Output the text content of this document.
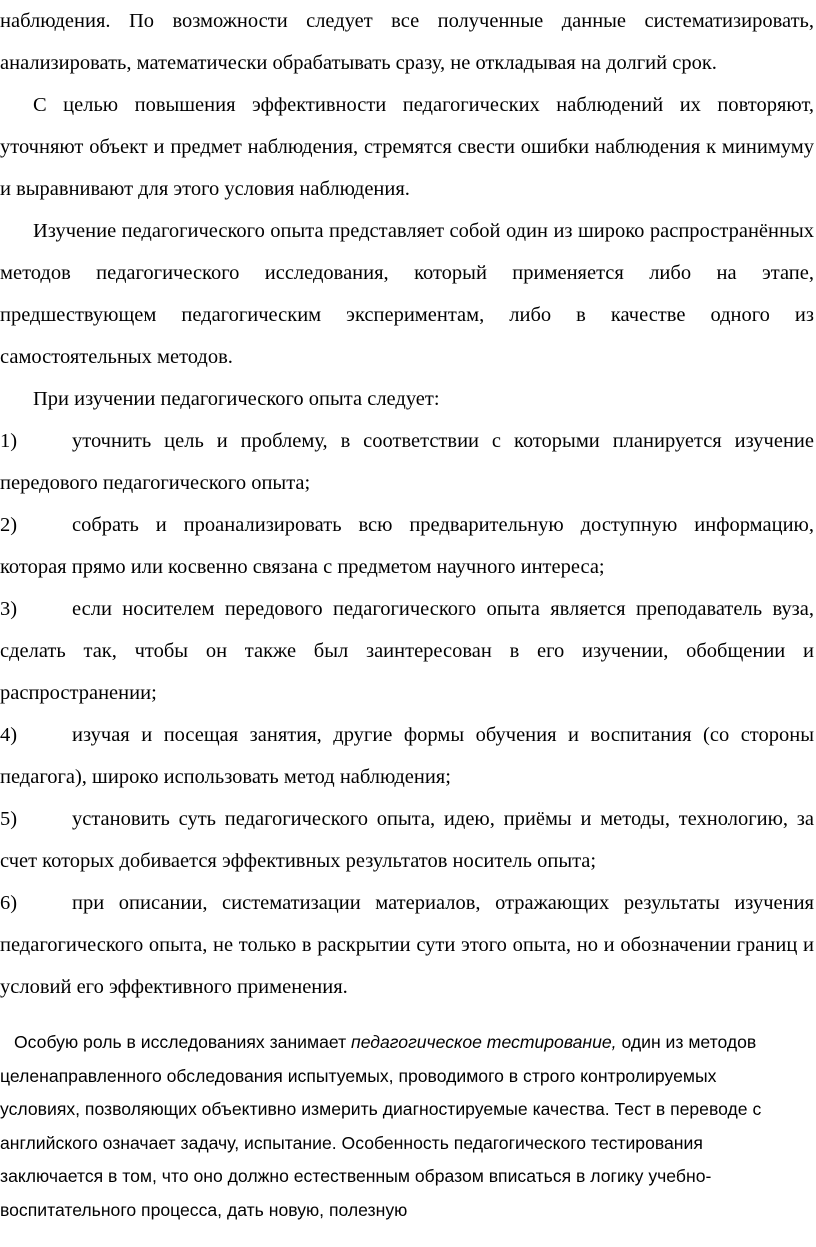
наблюдения. По возможности следует все полученные данные систематизировать, анализировать, математически обрабатывать сразу, не откладывая на долгий срок.

С целью повышения эффективности педагогических наблюдений их повторяют, уточняют объект и предмет наблюдения, стремятся свести ошибки наблюдения к минимуму и выравнивают для этого условия наблюдения.

Изучение педагогического опыта представляет собой один из широко распространённых методов педагогического исследования, который применяется либо на этапе, предшествующем педагогическим экспериментам, либо в качестве одного из самостоятельных методов.

При изучении педагогического опыта следует:

1)	уточнить цель и проблему, в соответствии с которыми планируется изучение передового педагогического опыта;

2)	собрать и проанализировать всю предварительную доступную информацию, которая прямо или косвенно связана с предметом научного интереса;

3)	если носителем передового педагогического опыта является преподаватель вуза, сделать так, чтобы он также был заинтересован в его изучении, обобщении и распространении;

4)	изучая и посещая занятия, другие формы обучения и воспитания (со стороны педагога), широко использовать метод наблюдения;

5)	установить суть педагогического опыта, идею, приёмы и методы, технологию, за счет которых добивается эффективных результатов носитель опыта;

6)	при описании, систематизации материалов, отражающих результаты изучения педагогического опыта, не только в раскрытии сути этого опыта, но и обозначении границ и условий его эффективного применения.

Особую роль в исследованиях занимает педагогическое тестирование, один из методов целенаправленного обследования испытуемых, проводимого в строго контролируемых условиях, позволяющих объективно измерить диагностируемые качества. Тест в переводе с английского означает задачу, испытание. Особенность педагогического тестирования заключается в том, что оно должно естественным образом вписаться в логику учебно-воспитательного процесса, дать новую, полезную
